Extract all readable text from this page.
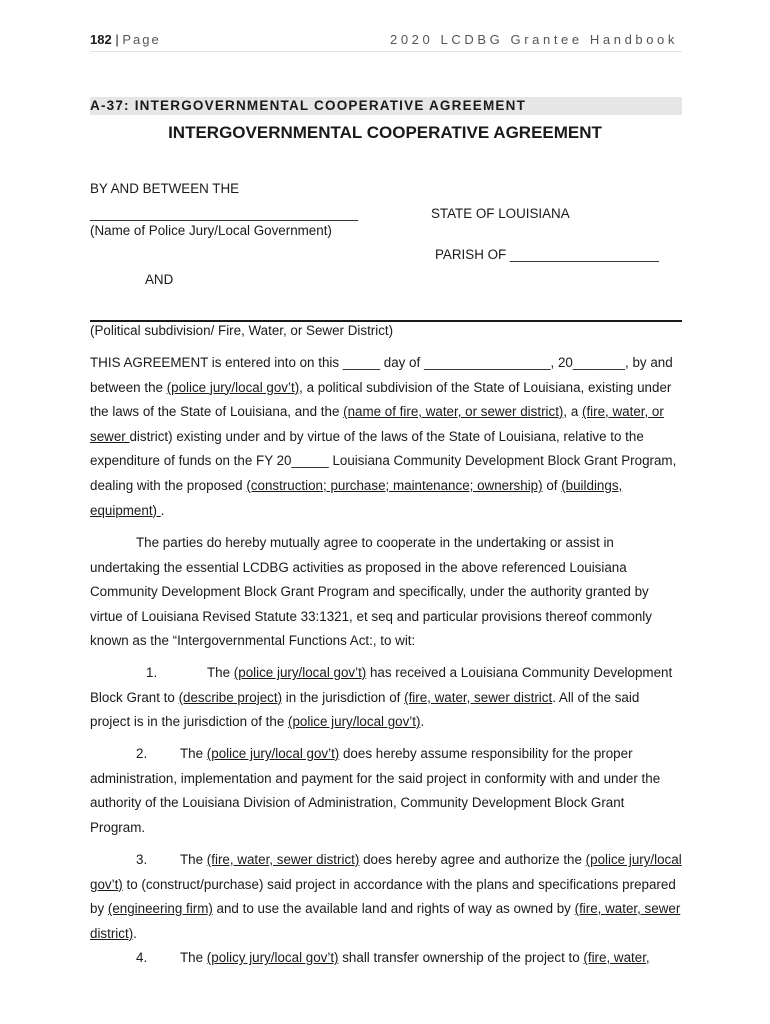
182 | Page	2020 LCDBG Grantee Handbook
A-37: INTERGOVERNMENTAL COOPERATIVE AGREEMENT
INTERGOVERNMENTAL COOPERATIVE AGREEMENT
BY AND BETWEEN THE
____________________________________	STATE OF LOUISIANA
(Name of Police Jury/Local Government)
PARISH OF ____________________
AND
(Political subdivision/ Fire, Water, or Sewer District)

THIS AGREEMENT is entered into on this _____ day of _________________, 20_______, by and between the (police jury/local gov’t), a political subdivision of the State of Louisiana, existing under the laws of the State of Louisiana, and the (name of fire, water, or sewer district), a (fire, water, or sewer district) existing under and by virtue of the laws of the State of Louisiana, relative to the expenditure of funds on the FY 20_____ Louisiana Community Development Block Grant Program, dealing with the proposed (construction; purchase; maintenance; ownership) of (buildings, equipment) .

The parties do hereby mutually agree to cooperate in the undertaking or assist in undertaking the essential LCDBG activities as proposed in the above referenced Louisiana Community Development Block Grant Program and specifically, under the authority granted by virtue of Louisiana Revised Statute 33:1321, et seq and particular provisions thereof commonly known as the “Intergovernmental Functions Act:, to wit:

1.	The (police jury/local gov’t) has received a Louisiana Community Development Block Grant to (describe project) in the jurisdiction of (fire, water, sewer district. All of the said project is in the jurisdiction of the (police jury/local gov’t).

2. The (police jury/local gov’t) does hereby assume responsibility for the proper administration, implementation and payment for the said project in conformity with and under the authority of the Louisiana Division of Administration, Community Development Block Grant Program.

3. The (fire, water, sewer district) does hereby agree and authorize the (police jury/local gov’t) to (construct/purchase) said project in accordance with the plans and specifications prepared by (engineering firm) and to use the available land and rights of way as owned by (fire, water, sewer district).

4. The (policy jury/local gov’t) shall transfer ownership of the project to (fire, water,
